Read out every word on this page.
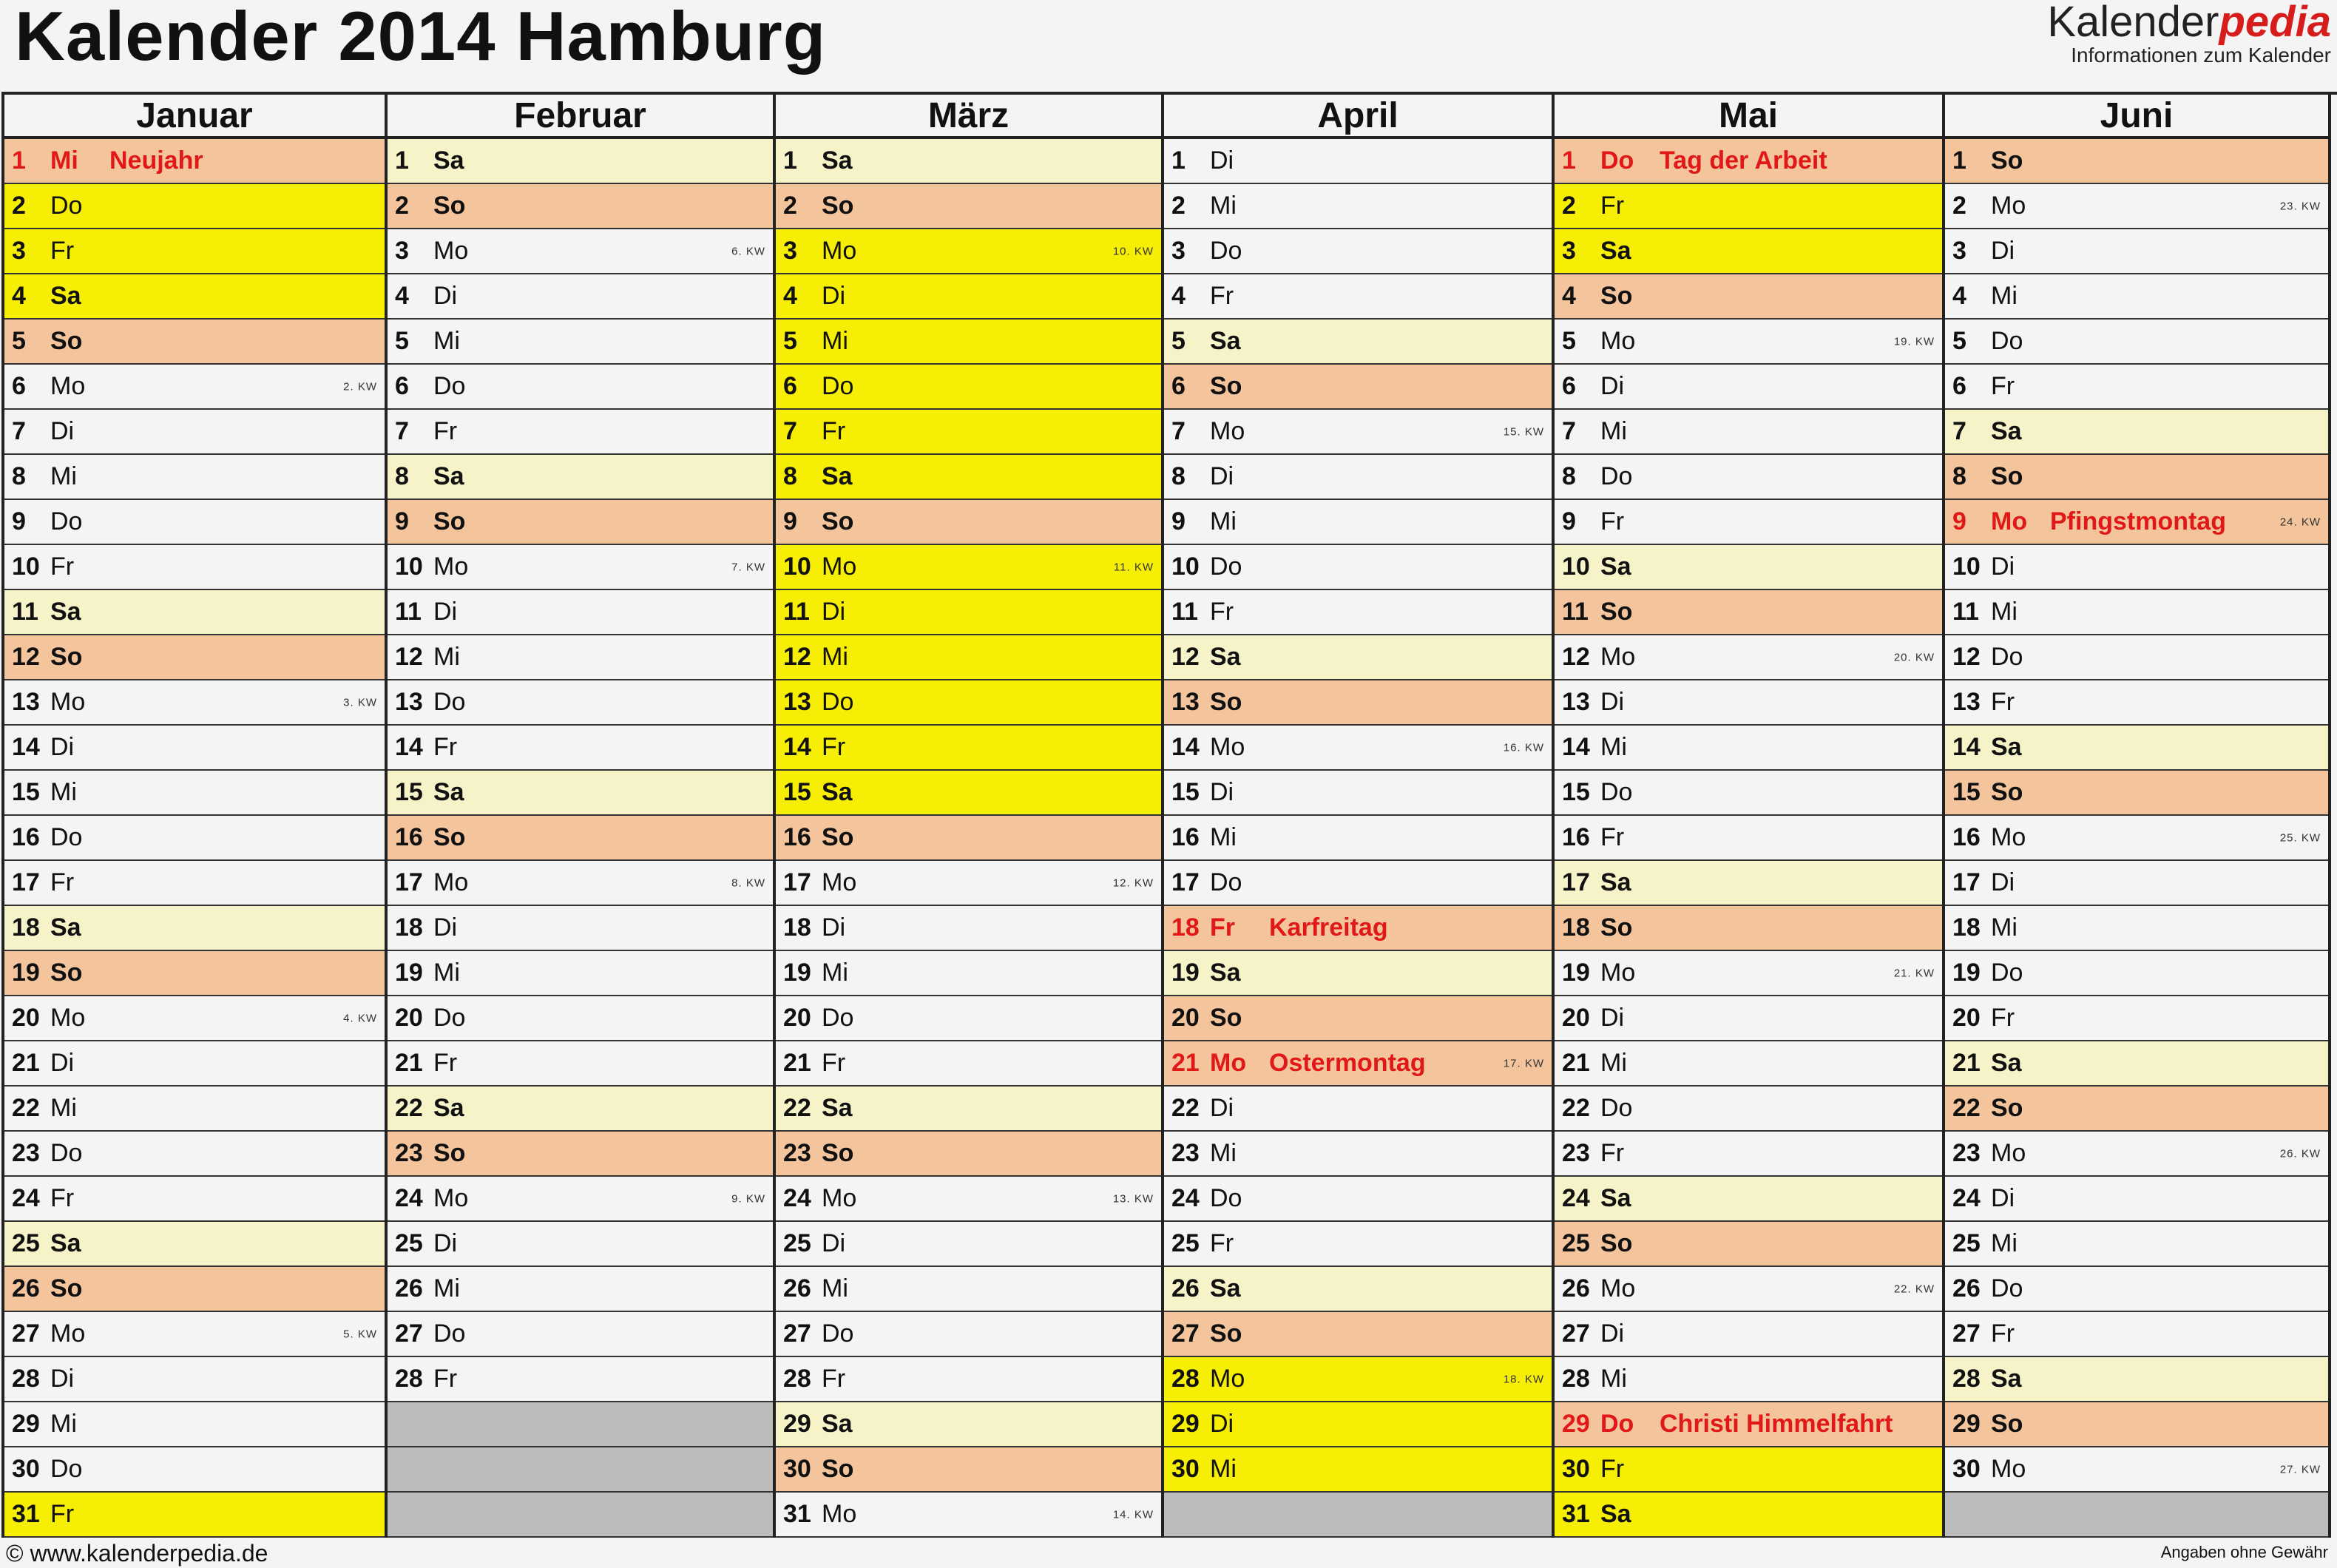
Kalender 2014 Hamburg	Kalenderpedia
Informationen zum Kalender
Januar
1 Mi	Neujahr
2 Do
3 Fr
4 Sa
5 So
6 Mo	2. KW
7 Di
8 Mi
9 Do
10 Fr
11 Sa
12 So
13 Mo	3. KW
14 Di
15 Mi
16 Do
17 Fr
18 Sa
19 So
20 Mo	4. KW
21 Di
22 Mi
23 Do
24 Fr
25 Sa
26 So
27 Mo	5. KW
28 Di
29 Mi
30 Do
31 Fr
Februar
1 Sa
2 So
3 Mo	6. KW
4 Di
5 Mi
6 Do
7 Fr
8 Sa
9 So
10 Mo	7. KW
11 Di
12 Mi
13 Do
14 Fr
15 Sa
16 So
17 Mo	8. KW
18 Di
19 Mi
20 Do
21 Fr
22 Sa
23 So
24 Mo	9. KW
25 Di
26 Mi
27 Do
28 Fr
März
1 Sa
2 So
3 Mo	10. KW
4 Di
5 Mi
6 Do
7 Fr
8 Sa
9 So
10 Mo	11. KW
11 Di
12 Mi
13 Do
14 Fr
15 Sa
16 So
17 Mo	12. KW
18 Di
19 Mi
20 Do
21 Fr
22 Sa
23 So
24 Mo	13. KW
25 Di
26 Mi
27 Do
28 Fr
29 Sa
30 So
31 Mo	14. KW
April
1 Di
2 Mi
3 Do
4 Fr
5 Sa
6 So
7 Mo	15. KW
8 Di
9 Mi
10 Do
11 Fr
12 Sa
13 So
14 Mo	16. KW
15 Di
16 Mi
17 Do
18 Fr	Karfreitag
19 Sa
20 So
21 Mo Ostermontag	17. KW
22 Di
23 Mi
24 Do
25 Fr
26 Sa
27 So
28 Mo	18. KW
29 Di
30 Mi
Mai
1 Do	Tag der Arbeit
2 Fr
3 Sa
4 So
5 Mo	19. KW
6 Di
7 Mi
8 Do
9 Fr
10 Sa
11 So
12 Mo	20. KW
13 Di
14 Mi
15 Do
16 Fr
17 Sa
18 So
19 Mo	21. KW
20 Di
21 Mi
22 Do
23 Fr
24 Sa
25 So
26 Mo	22. KW
27 Di
28 Mi
29 Do	Christi Himmelfahrt
30 Fr
31 Sa
Juni
1 So
2 Mo	23. KW
3 Di
4 Mi
5 Do
6 Fr
7 Sa
8 So
9 Mo Pfingstmontag	24. KW
10 Di
11 Mi
12 Do
13 Fr
14 Sa
15 So
16 Mo	25. KW
17 Di
18 Mi
19 Do
20 Fr
21 Sa
22 So
23 Mo	26. KW
24 Di
25 Mi
26 Do
27 Fr
28 Sa
29 So
30 Mo	27. KW
© www.kalenderpedia.de	Angaben ohne Gewähr
